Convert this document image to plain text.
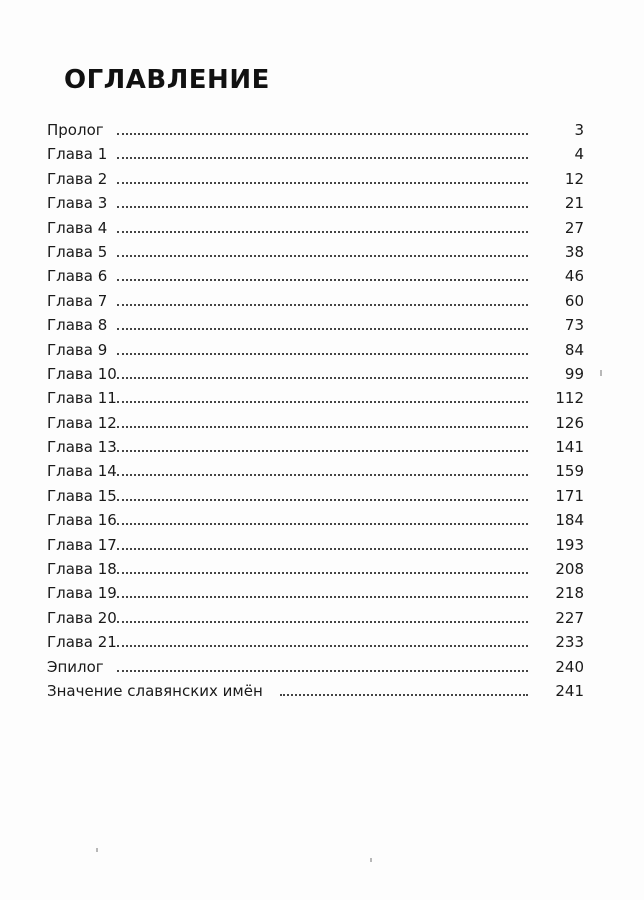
ОГЛАВЛЕНИЕ
Пролог	3
Глава 1	4
Глава 2	12
Глава 3	21
Глава 4	27
Глава 5	38
Глава 6	46
Глава 7	60
Глава 8	73
Глава 9	84
Глава 10	99
Глава 11	112
Глава 12	126
Глава 13	141
Глава 14	159
Глава 15	171
Глава 16	184
Глава 17	193
Глава 18	208
Глава 19	218
Глава 20	227
Глава 21	233
Эпилог	240
Значение славянских имён	241
